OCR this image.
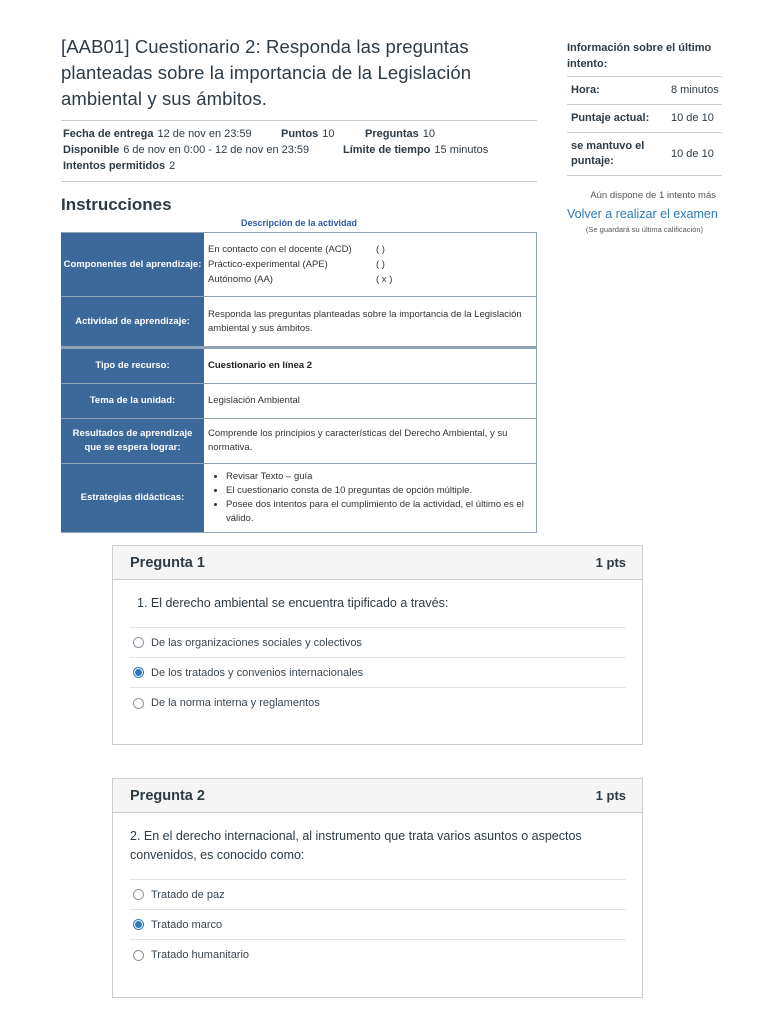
[AAB01] Cuestionario 2: Responda las preguntas planteadas sobre la importancia de la Legislación ambiental y sus ámbitos.
Fecha de entrega 12 de nov en 23:59	Puntos 10	Preguntas 10
Disponible 6 de nov en 0:00 - 12 de nov en 23:59	Límite de tiempo 15 minutos
Intentos permitidos 2
Instrucciones
Descripción de la actividad
Componentes del aprendizaje:
En contacto con el docente (ACD)	( )
Práctico-experimental (APE)	( )
Autónomo (AA)	( x )
Actividad de aprendizaje:
Responda las preguntas planteadas sobre la importancia de la Legislación ambiental y sus ámbitos.
Tipo de recurso:	Cuestionario en línea 2
Tema de la unidad:	Legislación Ambiental
Resultados de aprendizaje que se espera lograr:
Comprende los principios y características del Derecho Ambiental, y su normativa.
Estrategias didácticas:
• Revisar Texto – guía
• El cuestionario consta de 10 preguntas de opción múltiple.
• Posee dos intentos para el cumplimiento de la actividad, el último es el válido.
Información sobre el último intento:
Hora:	8 minutos
Puntaje actual:	10 de 10
se mantuvo el puntaje:
10 de 10
Aún dispone de 1 intento más
Volver a realizar el examen
(Se guardará su última calificación)
Pregunta 1	1 pts
1. El derecho ambiental se encuentra tipificado a través:
De las organizaciones sociales y colectivos
De los tratados y convenios internacionales
De la norma interna y reglamentos
Pregunta 2	1 pts
2. En el derecho internacional, al instrumento que trata varios asuntos o aspectos convenidos, es conocido como:
Tratado de paz
Tratado marco
Tratado humanitario
